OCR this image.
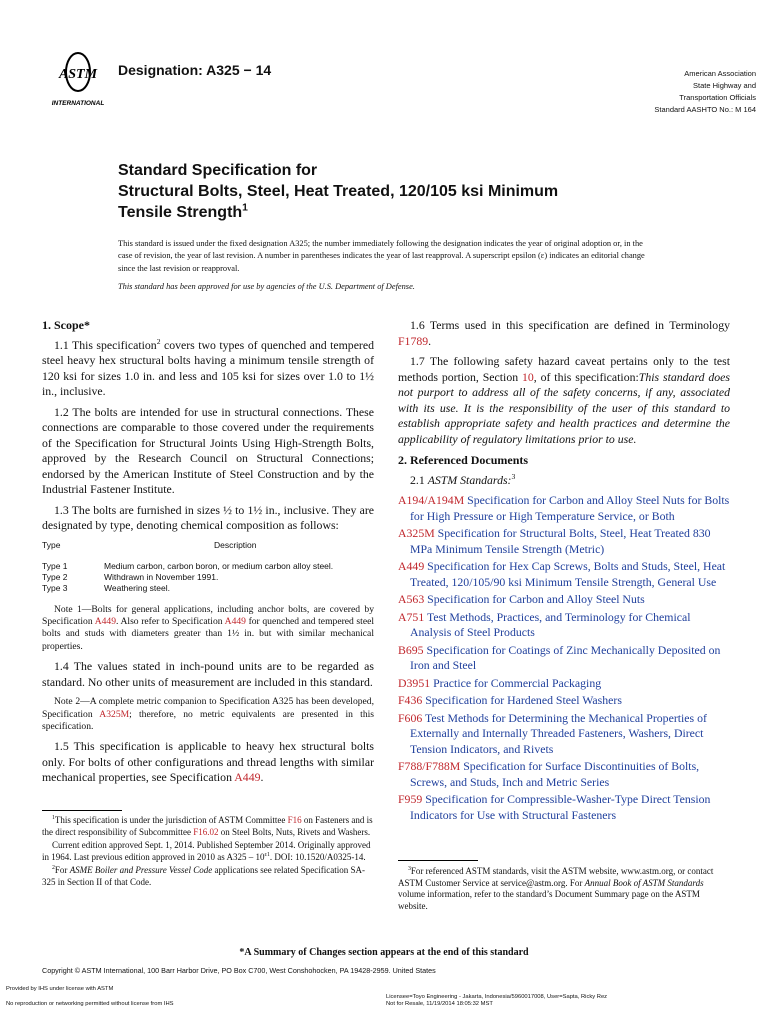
ASTM
INTERNATIONAL
Designation: A325 − 14	American Association
State Highway and
Transportation Officials
Standard AASHTO No.: M 164
Standard Specification for
Structural Bolts, Steel, Heat Treated, 120/105 ksi Minimum
Tensile Strength$^1$
This standard is issued under the fixed designation A325; the number immediately following the designation indicates the year of original adoption or, in the case of revision, the year of last revision. A number in parentheses indicates the year of last reapproval. A superscript epsilon (ε) indicates an editorial change since the last revision or reapproval.
This standard has been approved for use by agencies of the U.S. Department of Defense.
1. Scope*

1.1 This specification$^2$ covers two types of quenched and tempered steel heavy hex structural bolts having a minimum tensile strength of 120 ksi for sizes 1.0 in. and less and 105 ksi for sizes over 1.0 to 1½ in., inclusive.

1.2 The bolts are intended for use in structural connections. These connections are comparable to those covered under the requirements of the Specification for Structural Joints Using High-Strength Bolts, approved by the Research Council on Structural Connections; endorsed by the American Institute of Steel Construction and by the Industrial Fastener Institute.

1.3 The bolts are furnished in sizes ½ to 1½ in., inclusive. They are designated by type, denoting chemical composition as follows:

Type	Description
Type 1	Medium carbon, carbon boron, or medium carbon alloy steel.
Type 2	Withdrawn in November 1991.
Type 3	Weathering steel.
Note 1—Bolts for general applications, including anchor bolts, are covered by Specification A449. Also refer to Specification A449 for quenched and tempered steel bolts and studs with diameters greater than 1½ in. but with similar mechanical properties.

1.4 The values stated in inch-pound units are to be regarded as standard. No other units of measurement are included in this standard.

Note 2—A complete metric companion to Specification A325 has been developed, Specification A325M; therefore, no metric equivalents are presented in this specification.

1.5 This specification is applicable to heavy hex structural bolts only. For bolts of other configurations and thread lengths with similar mechanical properties, see Specification A449.

1.6 Terms used in this specification are defined in Terminology F1789.

1.7 The following safety hazard caveat pertains only to the test methods portion, Section 10, of this specification:This standard does not purport to address all of the safety concerns, if any, associated with its use. It is the responsibility of the user of this standard to establish appropriate safety and health practices and determine the applicability of regulatory limitations prior to use.

2. Referenced Documents

2.1 ASTM Standards:$^3$

A194/A194M Specification for Carbon and Alloy Steel Nuts for Bolts for High Pressure or High Temperature Service, or Both
A325M Specification for Structural Bolts, Steel, Heat Treated 830 MPa Minimum Tensile Strength (Metric)
A449 Specification for Hex Cap Screws, Bolts and Studs, Steel, Heat Treated, 120/105/90 ksi Minimum Tensile Strength, General Use
A563 Specification for Carbon and Alloy Steel Nuts
A751 Test Methods, Practices, and Terminology for Chemical Analysis of Steel Products
B695 Specification for Coatings of Zinc Mechanically Deposited on Iron and Steel
D3951 Practice for Commercial Packaging
F436 Specification for Hardened Steel Washers
F606 Test Methods for Determining the Mechanical Properties of Externally and Internally Threaded Fasteners, Washers, Direct Tension Indicators, and Rivets
F788/F788M Specification for Surface Discontinuities of Bolts, Screws, and Studs, Inch and Metric Series
F959 Specification for Compressible-Washer-Type Direct Tension Indicators for Use with Structural Fasteners

$^1$This specification is under the jurisdiction of ASTM Committee F16 on Fasteners and is the direct responsibility of Subcommittee F16.02 on Steel Bolts, Nuts, Rivets and Washers.

Current edition approved Sept. 1, 2014. Published September 2014. Originally approved in 1964. Last previous edition approved in 2010 as $A325 - 10^{\varepsilon 1}$. DOI: 10.1520/A0325-14.

$^2$For ASME Boiler and Pressure Vessel Code applications see related Specification SA-325 in Section II of that Code.

$^3$For referenced ASTM standards, visit the ASTM website, www.astm.org, or contact ASTM Customer Service at service@astm.org. For Annual Book of ASTM Standards volume information, refer to the standard’s Document Summary page on the ASTM website.

*A Summary of Changes section appears at the end of this standard
Copyright © ASTM International, 100 Barr Harbor Drive, PO Box C700, West Conshohocken, PA 19428-2959. United States
Provided by IHS under license with ASTM
No reproduction or networking permitted without license from IHS
Licensee=Toyo Engineering - Jakarta, Indonesia/5960017008, User=Sapta, Ricky Rez
Not for Resale, 11/19/2014 18:05:32 MST
